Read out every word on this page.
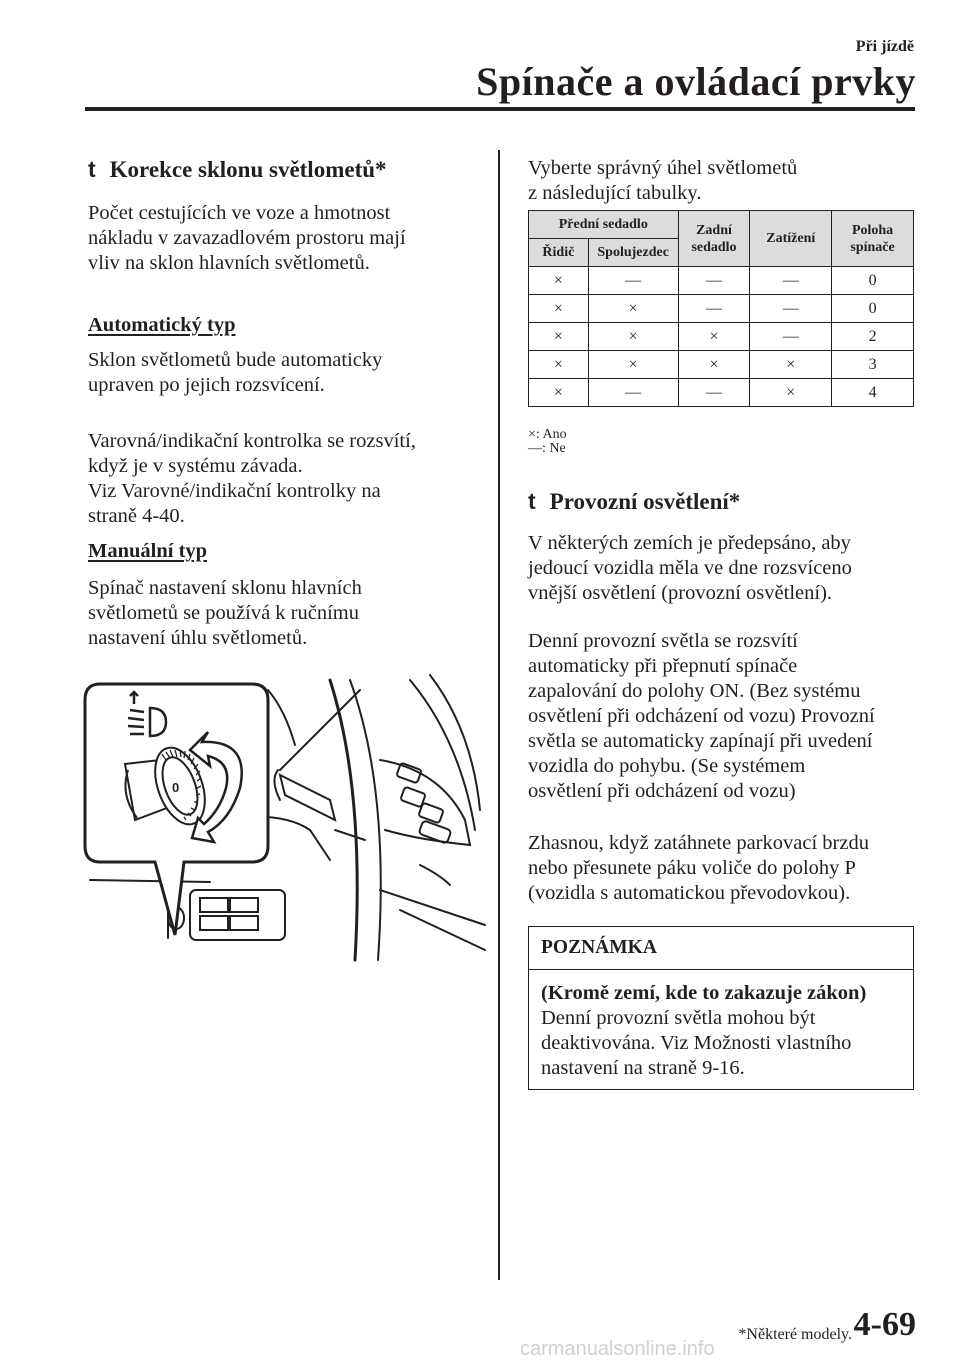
Při jízdě
Spínače a ovládací prvky
t Korekce sklonu světlometů*

Počet cestujících ve voze a hmotnost

nákladu v zavazadlovém prostoru mají

vliv na sklon hlavních světlometů.

Automatický typ

Sklon světlometů bude automaticky

upraven po jejich rozsvícení.

Varovná/indikační kontrolka se rozsvítí,

když je v systému závada.

Viz Varovné/indikační kontrolky na

straně 4-40.

Manuální typ

Spínač nastavení sklonu hlavních

světlometů se používá k ručnímu

nastavení úhlu světlometů.

0

Vyberte správný úhel světlometů

z následující tabulky.

Přední sedadlo		Zadní sedadlo	Zatížení	Poloha spínače
Řidič	Spolujezdec			
×	—	—	—	0
×	×	—	—	0
×	×	×	—	2
×	×	×	×	3
×	—	—	×	4
×: Ano
—: Ne
t Provozní osvětlení*

V některých zemích je předepsáno, aby

jedoucí vozidla měla ve dne rozsvíceno

vnější osvětlení (provozní osvětlení).

Denní provozní světla se rozsvítí

automaticky při přepnutí spínače

zapalování do polohy ON. (Bez systému

osvětlení při odcházení od vozu) Provozní

světla se automaticky zapínají při uvedení

vozidla do pohybu. (Se systémem

osvětlení při odcházení od vozu)

Zhasnou, když zatáhnete parkovací brzdu

nebo přesunete páku voliče do polohy P

(vozidla s automatickou převodovkou).

POZNÁMKA

(Kromě zemí, kde to zakazuje zákon)

Denní provozní světla mohou být

deaktivována. Viz Možnosti vlastního

nastavení na straně 9-16.

*Některé modely. 4-69
carmanualsonline.info
